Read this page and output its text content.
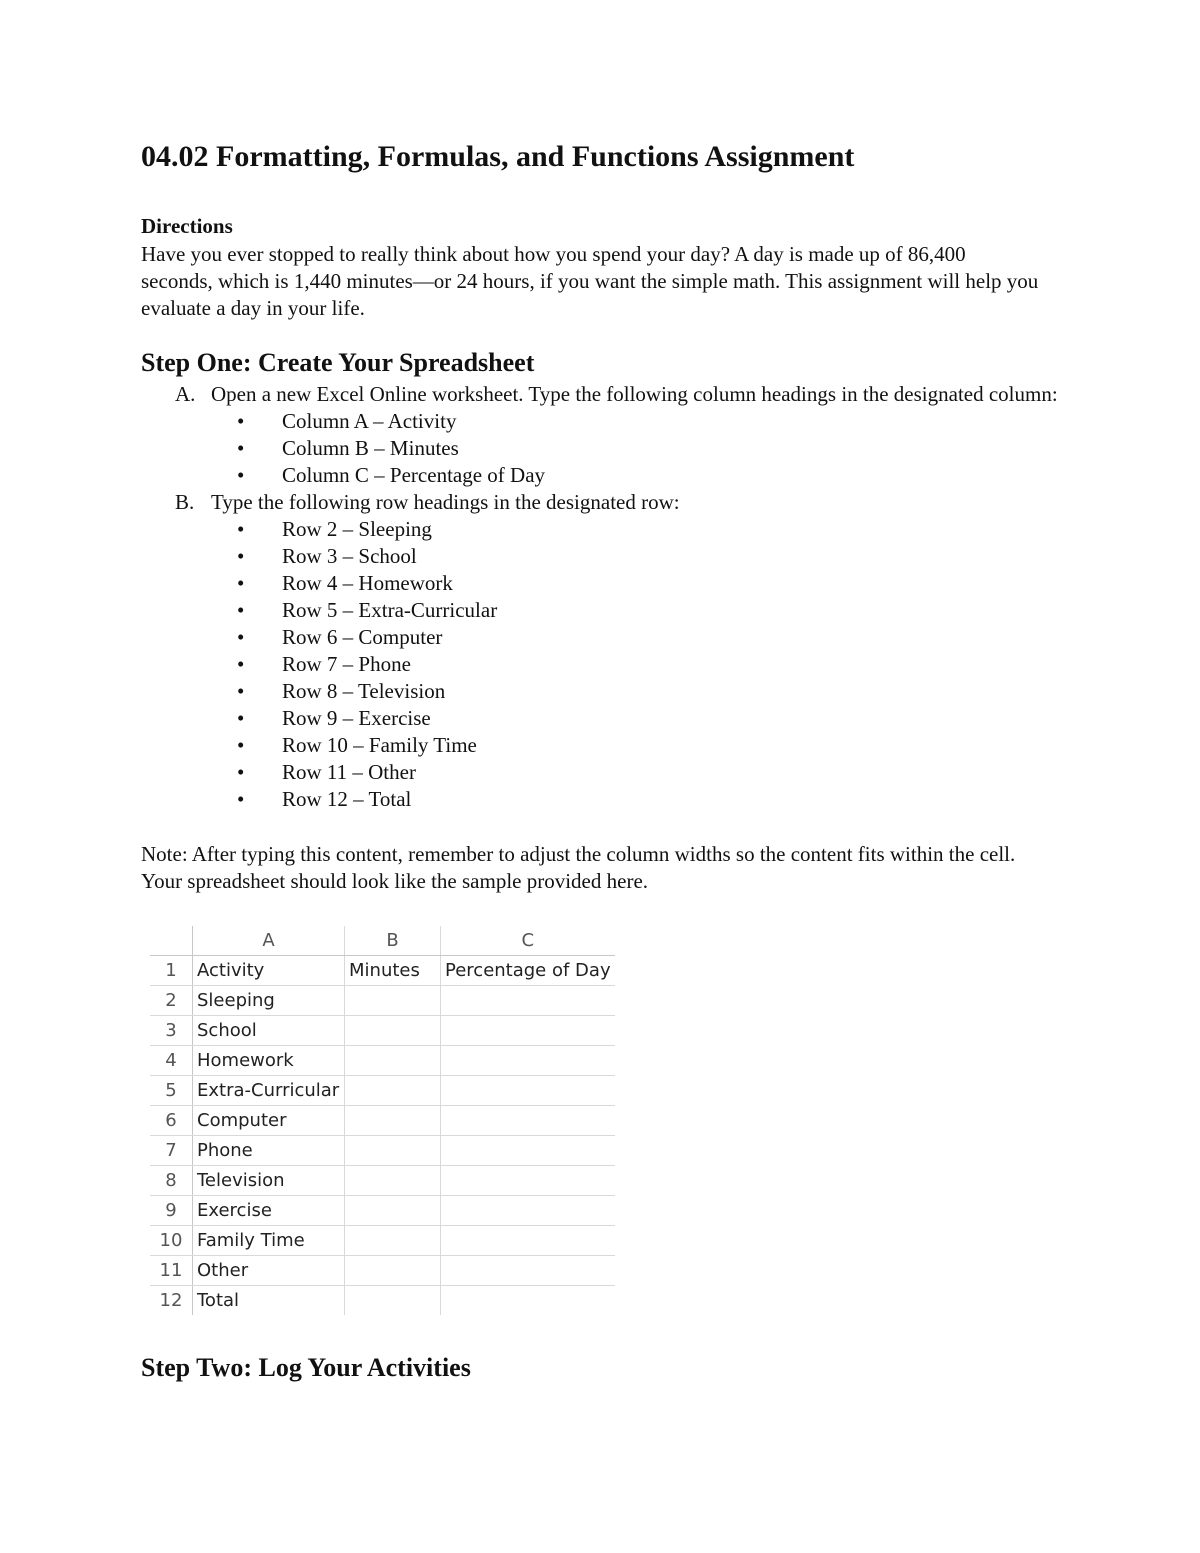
04.02 Formatting, Formulas, and Functions Assignment

Directions

Have you ever stopped to really think about how you spend your day? A day is made up of 86,400 seconds, which is 1,440 minutes—or 24 hours, if you want the simple math. This assignment will help you evaluate a day in your life.

Step One: Create Your Spreadsheet
A. Open a new Excel Online worksheet. Type the following column headings in the designated column:
• Column A – Activity
• Column B – Minutes
• Column C – Percentage of Day
B. Type the following row headings in the designated row:
• Row 2 – Sleeping
• Row 3 – School
• Row 4 – Homework
• Row 5 – Extra-Curricular
• Row 6 – Computer
• Row 7 – Phone
• Row 8 – Television
• Row 9 – Exercise
• Row 10 – Family Time
• Row 11 – Other
• Row 12 – Total

Note: After typing this content, remember to adjust the column widths so the content fits within the cell. Your spreadsheet should look like the sample provided here.

Step Two: Log Your Activities
	A	B	C
1	Activity	Minutes	Percentage of Day
2	Sleeping		
3	School		
4	Homework		
5	Extra-Curricular		
6	Computer		
7	Phone		
8	Television		
9	Exercise		
10	Family Time		
11	Other		
12	Total		
